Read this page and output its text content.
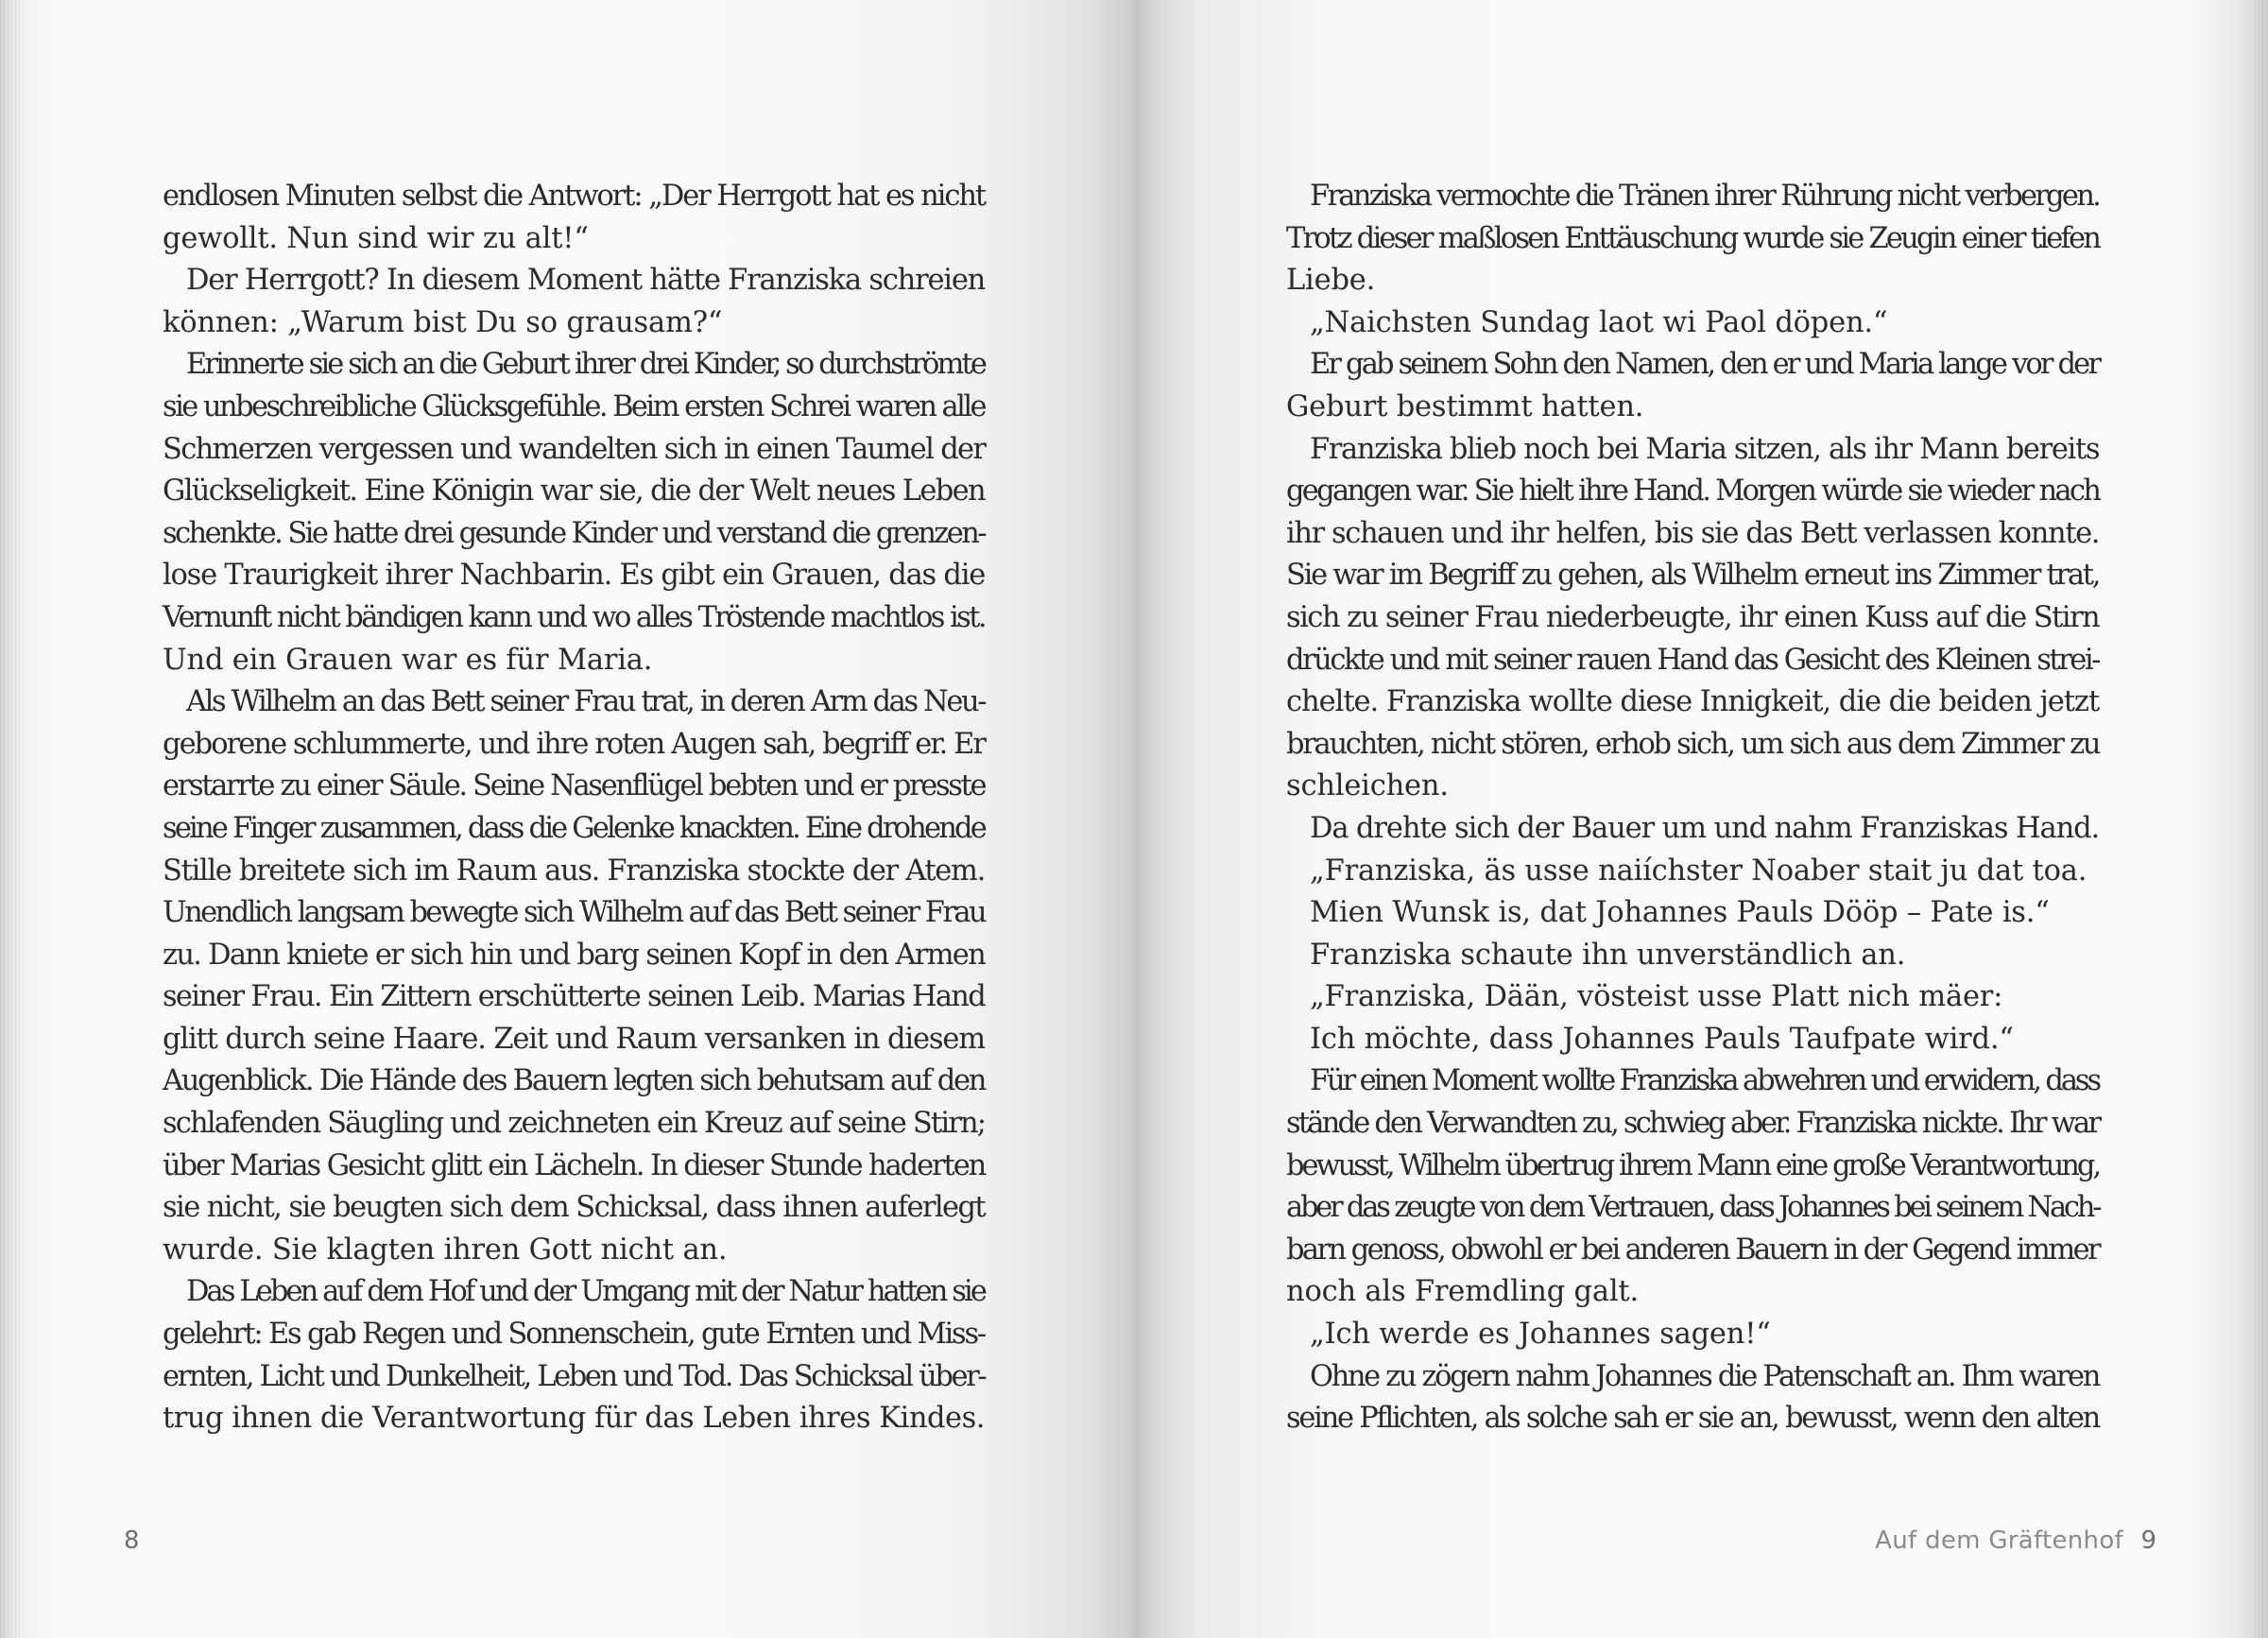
endlosen Minuten selbst die Antwort: „Der Herrgott hat es nicht
gewollt. Nun sind wir zu alt!“
Der Herrgott? In diesem Moment hätte Franziska schreien
können: „Warum bist Du so grausam?“
Erinnerte sie sich an die Geburt ihrer drei Kinder, so durchströmte
sie unbeschreibliche Glücksgefühle. Beim ersten Schrei waren alle
Schmerzen vergessen und wandelten sich in einen Taumel der
Glückseligkeit. Eine Königin war sie, die der Welt neues Leben
schenkte. Sie hatte drei gesunde Kinder und verstand die grenzen-
lose Traurigkeit ihrer Nachbarin. Es gibt ein Grauen, das die
Vernunft nicht bändigen kann und wo alles Tröstende machtlos ist.
Und ein Grauen war es für Maria.
Als Wilhelm an das Bett seiner Frau trat, in deren Arm das Neu-
geborene schlummerte, und ihre roten Augen sah, begriff er. Er
erstarrte zu einer Säule. Seine Nasenflügel bebten und er presste
seine Finger zusammen, dass die Gelenke knackten. Eine drohende
Stille breitete sich im Raum aus. Franziska stockte der Atem.
Unendlich langsam bewegte sich Wilhelm auf das Bett seiner Frau
zu. Dann kniete er sich hin und barg seinen Kopf in den Armen
seiner Frau. Ein Zittern erschütterte seinen Leib. Marias Hand
glitt durch seine Haare. Zeit und Raum versanken in diesem
Augenblick. Die Hände des Bauern legten sich behutsam auf den
schlafenden Säugling und zeichneten ein Kreuz auf seine Stirn;
über Marias Gesicht glitt ein Lächeln. In dieser Stunde haderten
sie nicht, sie beugten sich dem Schicksal, dass ihnen auferlegt
wurde. Sie klagten ihren Gott nicht an.
Das Leben auf dem Hof und der Umgang mit der Natur hatten sie
gelehrt: Es gab Regen und Sonnenschein, gute Ernten und Miss-
ernten, Licht und Dunkelheit, Leben und Tod. Das Schicksal über-
trug ihnen die Verantwortung für das Leben ihres Kindes.
8
Franziska vermochte die Tränen ihrer Rührung nicht verbergen.
Trotz dieser maßlosen Enttäuschung wurde sie Zeugin einer tiefen
Liebe.
„Naichsten Sundag laot wi Paol döpen.“
Er gab seinem Sohn den Namen, den er und Maria lange vor der
Geburt bestimmt hatten.
Franziska blieb noch bei Maria sitzen, als ihr Mann bereits
gegangen war. Sie hielt ihre Hand. Morgen würde sie wieder nach
ihr schauen und ihr helfen, bis sie das Bett verlassen konnte.
Sie war im Begriff zu gehen, als Wilhelm erneut ins Zimmer trat,
sich zu seiner Frau niederbeugte, ihr einen Kuss auf die Stirn
drückte und mit seiner rauen Hand das Gesicht des Kleinen strei-
chelte. Franziska wollte diese Innigkeit, die die beiden jetzt
brauchten, nicht stören, erhob sich, um sich aus dem Zimmer zu
schleichen.
Da drehte sich der Bauer um und nahm Franziskas Hand.
„Franziska, äs usse naiíchster Noaber stait ju dat toa.
Mien Wunsk is, dat Johannes Pauls Dööp – Pate is.“
Franziska schaute ihn unverständlich an.
„Franziska, Dään, vösteist usse Platt nich mäer:
Ich möchte, dass Johannes Pauls Taufpate wird.“
Für einen Moment wollte Franziska abwehren und erwidern, dass
stände den Verwandten zu, schwieg aber. Franziska nickte. Ihr war
bewusst, Wilhelm übertrug ihrem Mann eine große Verantwortung,
aber das zeugte von dem Vertrauen, dass Johannes bei seinem Nach-
barn genoss, obwohl er bei anderen Bauern in der Gegend immer
noch als Fremdling galt.
„Ich werde es Johannes sagen!“
Ohne zu zögern nahm Johannes die Patenschaft an. Ihm waren
seine Pflichten, als solche sah er sie an, bewusst, wenn den alten
Auf dem Gräftenhof 9
